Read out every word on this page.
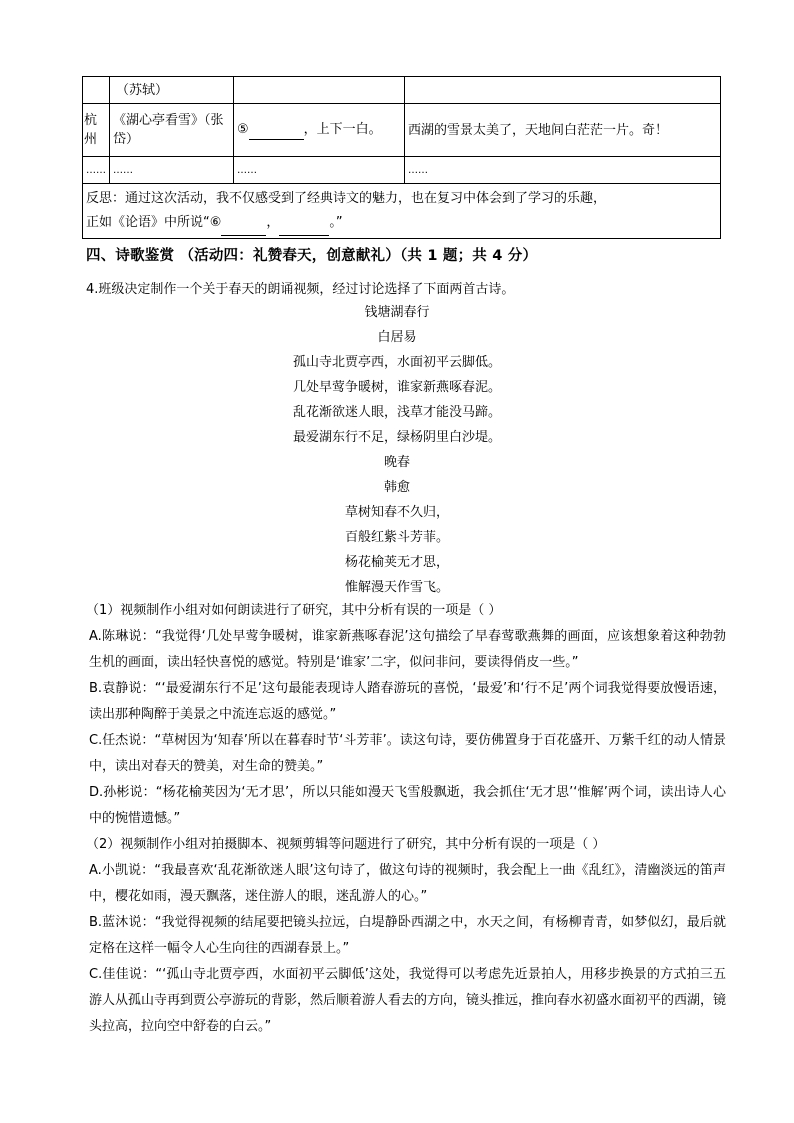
	（苏轼）		
杭州	《湖心亭看雪》（张岱）	⑤ ，上下一白。	西湖的雪景太美了，天地间白茫茫一片。奇！
……	……	……	……

反思：通过这次活动，我不仅感受到了经典诗文的魅力，也在复习中体会到了学习的乐趣，
正如《论语》中所说“⑥ ， 。”			
四、诗歌鉴赏 （活动四：礼赞春天，创意献礼）（共 1 题；共 4 分）
4.班级决定制作一个关于春天的朗诵视频，经过讨论选择了下面两首古诗。
钱塘湖春行
白居易
孤山寺北贾亭西，水面初平云脚低。
几处早莺争暖树，谁家新燕啄春泥。
乱花渐欲迷人眼，浅草才能没马蹄。
最爱湖东行不足，绿杨阴里白沙堤。
晚春
韩愈
草树知春不久归，
百般红紫斗芳菲。
杨花榆荚无才思，
惟解漫天作雪飞。
（1）视频制作小组对如何朗读进行了研究，其中分析有误的一项是（ ）
A.陈琳说：“我觉得‘几处早莺争暖树，谁家新燕啄春泥’这句描绘了早春莺歌燕舞的画面，应该想象着这种勃勃生机的画面，读出轻快喜悦的感觉。特别是‘谁家’二字，似问非问，要读得俏皮一些。”
B.袁静说：“‘最爱湖东行不足’这句最能表现诗人踏春游玩的喜悦，‘最爱’和‘行不足’两个词我觉得要放慢语速，读出那种陶醉于美景之中流连忘返的感觉。”
C.任杰说：“草树因为‘知春’所以在暮春时节‘斗芳菲’。读这句诗，要仿佛置身于百花盛开、万紫千红的动人情景中，读出对春天的赞美，对生命的赞美。”
D.孙彬说：“杨花榆荚因为‘无才思’，所以只能如漫天飞雪般飘逝，我会抓住‘无才思’‘惟解’两个词，读出诗人心中的惋惜遗憾。”
（2）视频制作小组对拍摄脚本、视频剪辑等问题进行了研究，其中分析有误的一项是（ ）
A.小凯说：“我最喜欢‘乱花渐欲迷人眼’这句诗了，做这句诗的视频时，我会配上一曲《乱红》，清幽淡远的笛声中，樱花如雨，漫天飘落，迷住游人的眼，迷乱游人的心。”
B.蓝沐说：“我觉得视频的结尾要把镜头拉远，白堤静卧西湖之中，水天之间，有杨柳青青，如梦似幻，最后就定格在这样一幅令人心生向往的西湖春景上。”
C.佳佳说：“‘孤山寺北贾亭西，水面初平云脚低’这处，我觉得可以考虑先近景拍人，用移步换景的方式拍三五游人从孤山寺再到贾公亭游玩的背影，然后顺着游人看去的方向，镜头推远，推向春水初盛水面初平的西湖，镜头拉高，拉向空中舒卷的白云。”
